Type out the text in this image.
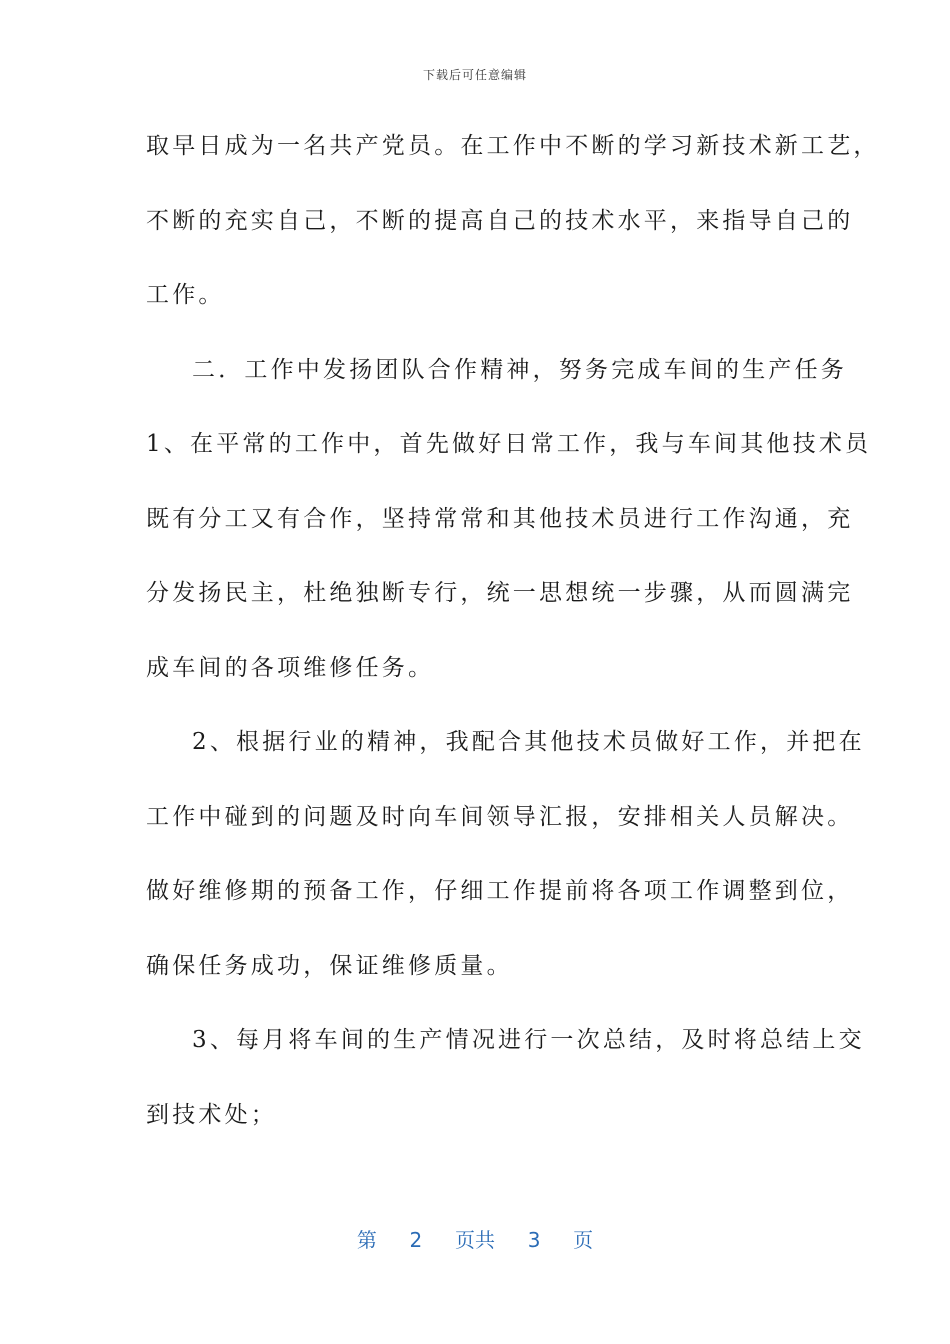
下载后可任意编辑
取早日成为一名共产党员。在工作中不断的学习新技术新工艺，
不断的充实自己，不断的提高自己的技术水平，来指导自己的
工作。
二．工作中发扬团队合作精神，努务完成车间的生产任务
1、在平常的工作中，首先做好日常工作，我与车间其他技术员
既有分工又有合作，坚持常常和其他技术员进行工作沟通，充
分发扬民主，杜绝独断专行，统一思想统一步骤，从而圆满完
成车间的各项维修任务。
2、根据行业的精神，我配合其他技术员做好工作，并把在
工作中碰到的问题及时向车间领导汇报，安排相关人员解决。
做好维修期的预备工作，仔细工作提前将各项工作调整到位，
确保任务成功，保证维修质量。
3、每月将车间的生产情况进行一次总结，及时将总结上交
到技术处；
第 2 页共 3 页
